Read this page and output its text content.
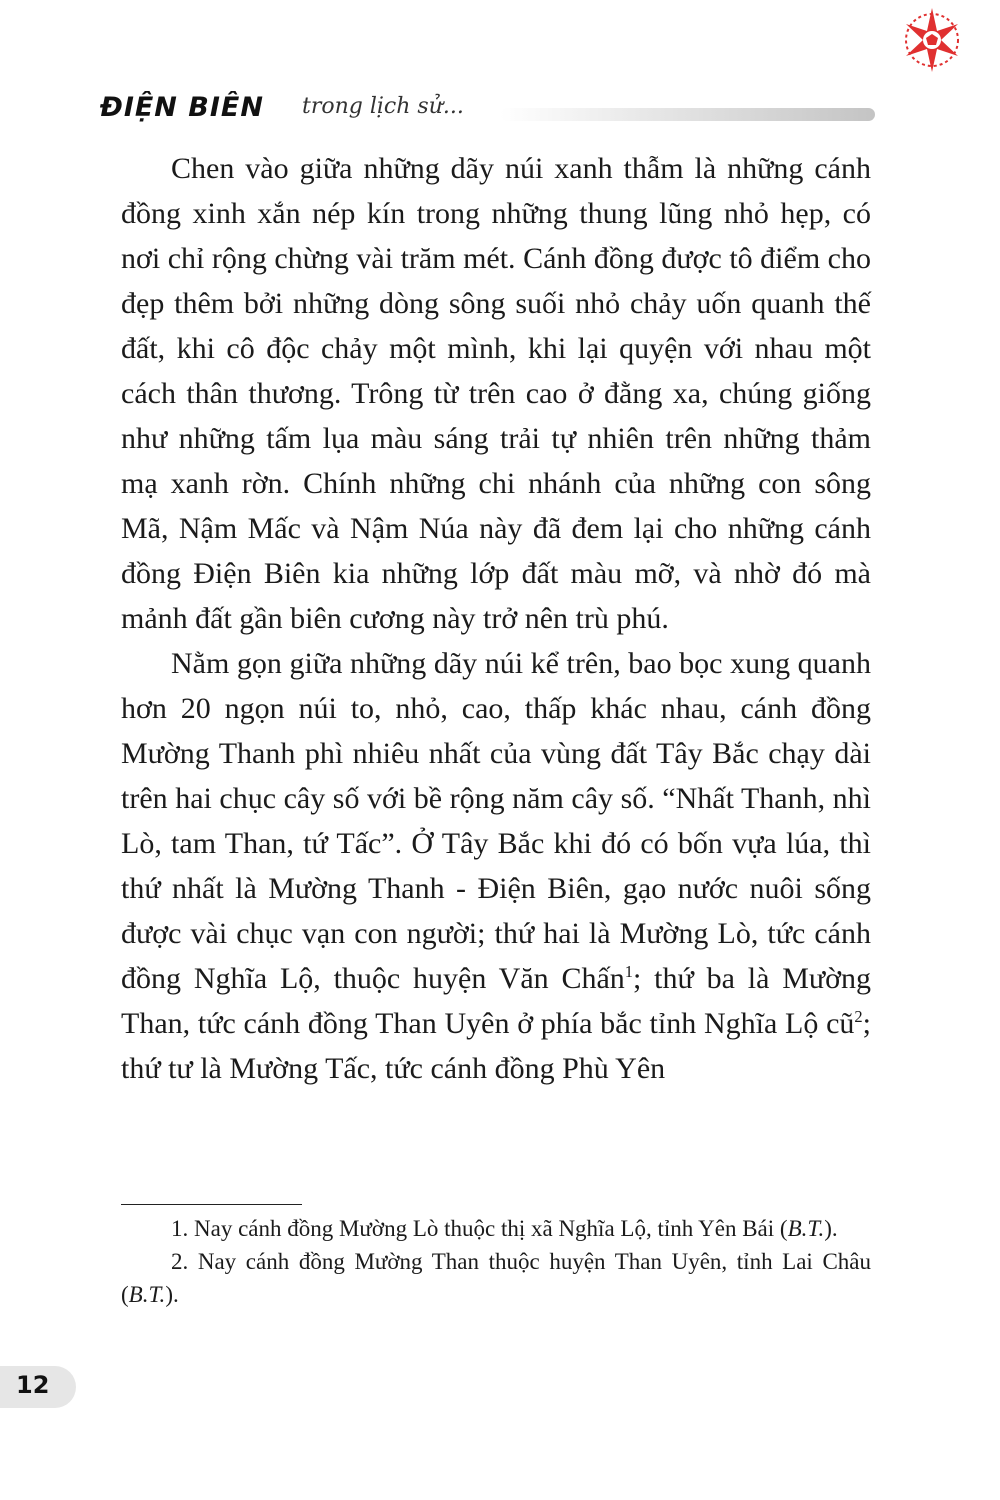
ĐIỆN BIÊN trong lịch sử...

Chen vào giữa những dãy núi xanh thẫm là những cánh đồng xinh xắn nép kín trong những thung lũng nhỏ hẹp, có nơi chỉ rộng chừng vài trăm mét. Cánh đồng được tô điểm cho đẹp thêm bởi những dòng sông suối nhỏ chảy uốn quanh thế đất, khi cô độc chảy một mình, khi lại quyện với nhau một cách thân thương. Trông từ trên cao ở đằng xa, chúng giống như những tấm lụa màu sáng trải tự nhiên trên những thảm mạ xanh rờn. Chính những chi nhánh của những con sông Mã, Nậm Mấc và Nậm Núa này đã đem lại cho những cánh đồng Điện Biên kia những lớp đất màu mỡ, và nhờ đó mà mảnh đất gần biên cương này trở nên trù phú.

Nằm gọn giữa những dãy núi kể trên, bao bọc xung quanh hơn 20 ngọn núi to, nhỏ, cao, thấp khác nhau, cánh đồng Mường Thanh phì nhiêu nhất của vùng đất Tây Bắc chạy dài trên hai chục cây số với bề rộng năm cây số. “Nhất Thanh, nhì Lò, tam Than, tứ Tấc”. Ở Tây Bắc khi đó có bốn vựa lúa, thì thứ nhất là Mường Thanh - Điện Biên, gạo nước nuôi sống được vài chục vạn con người; thứ hai là Mường Lò, tức cánh đồng Nghĩa Lộ, thuộc huyện Văn Chấn$^1$; thứ ba là Mường Than, tức cánh đồng Than Uyên ở phía bắc tỉnh Nghĩa Lộ $cũ^2$; thứ tư là Mường Tấc, tức cánh đồng Phù Yên

1. Nay cánh đồng Mường Lò thuộc thị xã Nghĩa Lộ, tỉnh Yên Bái (B.T.).

2. Nay cánh đồng Mường Than thuộc huyện Than Uyên, tỉnh Lai Châu (B.T.).

12
